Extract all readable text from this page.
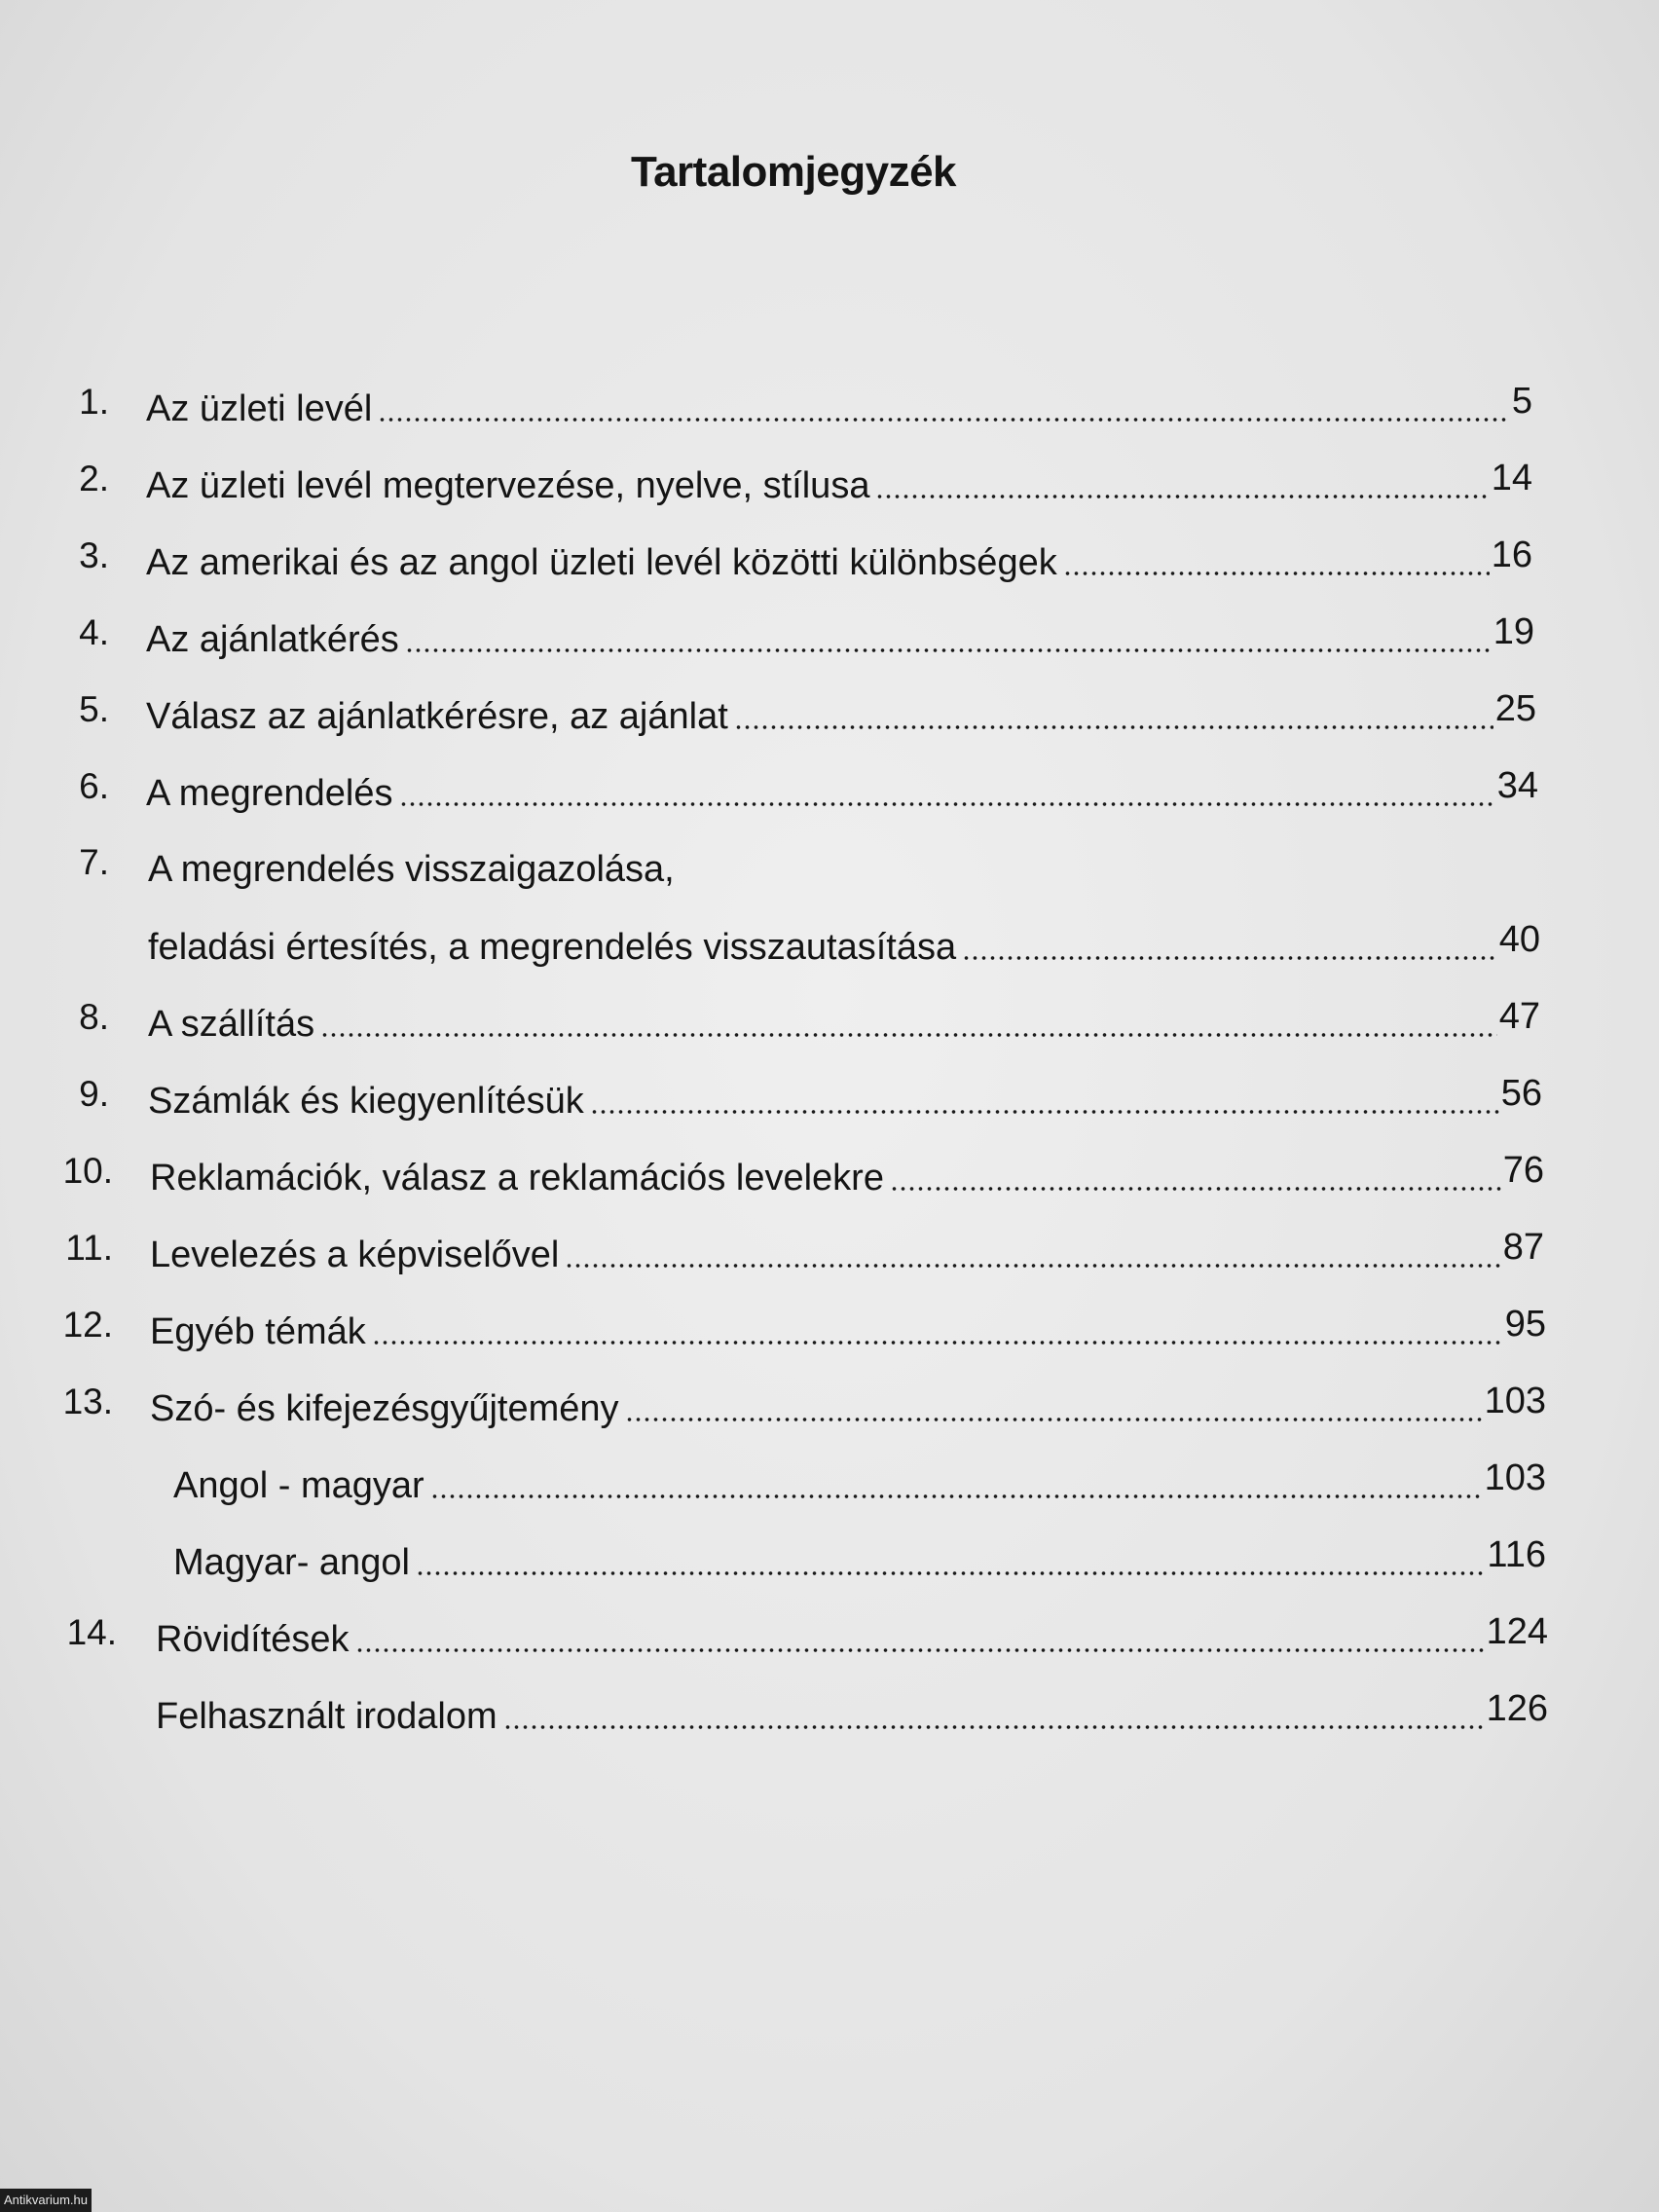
Tartalomjegyzék
1. Az üzleti levél	5
2. Az üzleti levél megtervezése, nyelve, stílusa	14
3. Az amerikai és az angol üzleti levél közötti különbségek	16
4. Az ajánlatkérés	19
5. Válasz az ajánlatkérésre, az ajánlat	25
6. A megrendelés	34
7. A megrendelés visszaigazolása,
feladási értesítés, a megrendelés visszautasítása	40
8. A szállítás	47
9. Számlák és kiegyenlítésük	56
10. Reklamációk, válasz a reklamációs levelekre	76
11. Levelezés a képviselővel	87
12. Egyéb témák	95
13. Szó- és kifejezésgyűjtemény	103
Angol - magyar	103
Magyar- angol	116
14. Rövidítések	124
Felhasznált irodalom	126
Antikvarium.hu
